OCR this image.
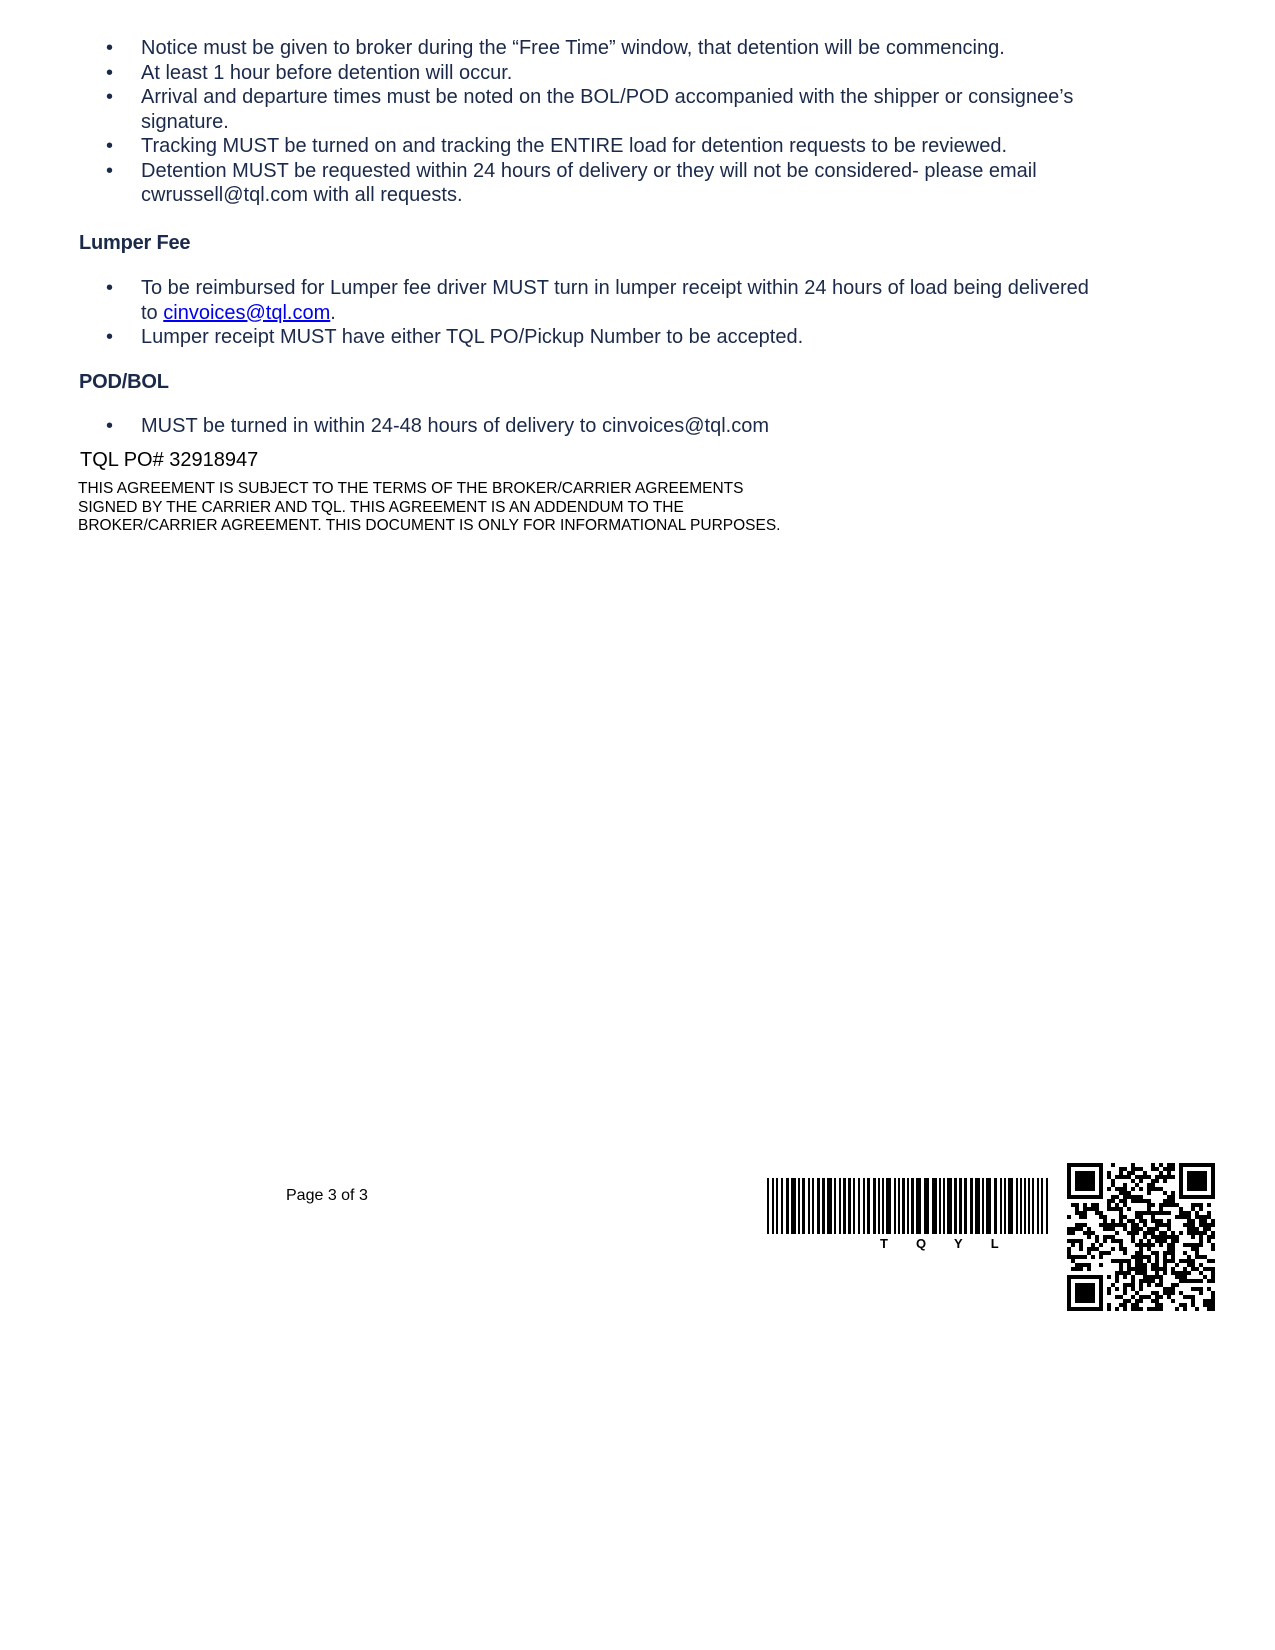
• Notice must be given to broker during the “Free Time” window, that detention will be commencing.
• At least 1 hour before detention will occur.
• Arrival and departure times must be noted on the BOL/POD accompanied with the shipper or consignee’s signature.
• Tracking MUST be turned on and tracking the ENTIRE load for detention requests to be reviewed.
• Detention MUST be requested within 24 hours of delivery or they will not be considered- please email cwrussell@tql.com with all requests.
Lumper Fee
• To be reimbursed for Lumper fee driver MUST turn in lumper receipt within 24 hours of load being delivered to cinvoices@tql.com.
• Lumper receipt MUST have either TQL PO/Pickup Number to be accepted.
POD/BOL
• MUST be turned in within 24-48 hours of delivery to cinvoices@tql.com
TQL PO# 32918947
THIS AGREEMENT IS SUBJECT TO THE TERMS OF THE BROKER/CARRIER AGREEMENTS SIGNED BY THE CARRIER AND TQL. THIS AGREEMENT IS AN ADDENDUM TO THE BROKER/CARRIER AGREEMENT. THIS DOCUMENT IS ONLY FOR INFORMATIONAL PURPOSES.
Page 3 of 3
TQYL
